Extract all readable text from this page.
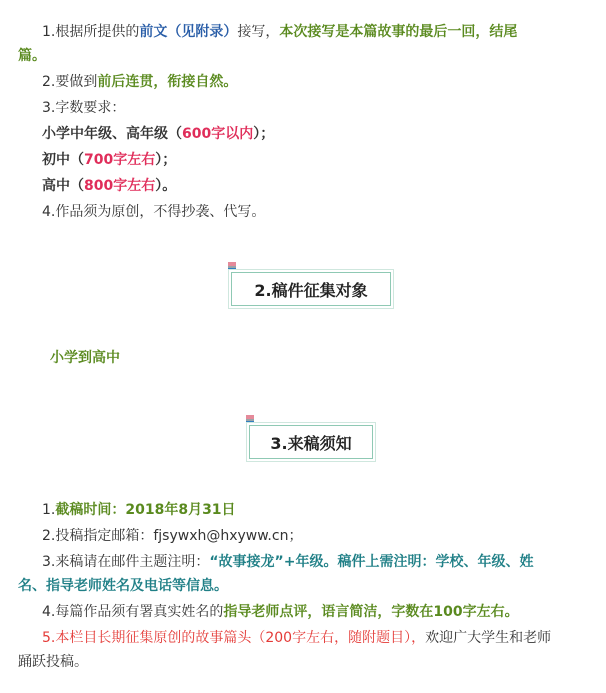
1.根据所提供的前文（见附录）接写，本次接写是本篇故事的最后一回，结尾
篇。
2.要做到前后连贯，衔接自然。
3.字数要求：
小学中年级、高年级（600字以内）；
初中（700字左右）；
高中（800字左右）。
4.作品须为原创，不得抄袭、代写。
2.稿件征集对象
小学到高中
3.来稿须知
1.截稿时间：2018年8月31日
2.投稿指定邮箱：fjsywxh@hxyww.cn；
3.来稿请在邮件主题注明：“故事接龙”+年级。稿件上需注明：学校、年级、姓
名、指导老师姓名及电话等信息。
4.每篇作品须有署真实姓名的指导老师点评，语言简洁，字数在100字左右。
5.本栏目长期征集原创的故事篇头（200字左右，随附题目），欢迎广大学生和老师
踊跃投稿。
